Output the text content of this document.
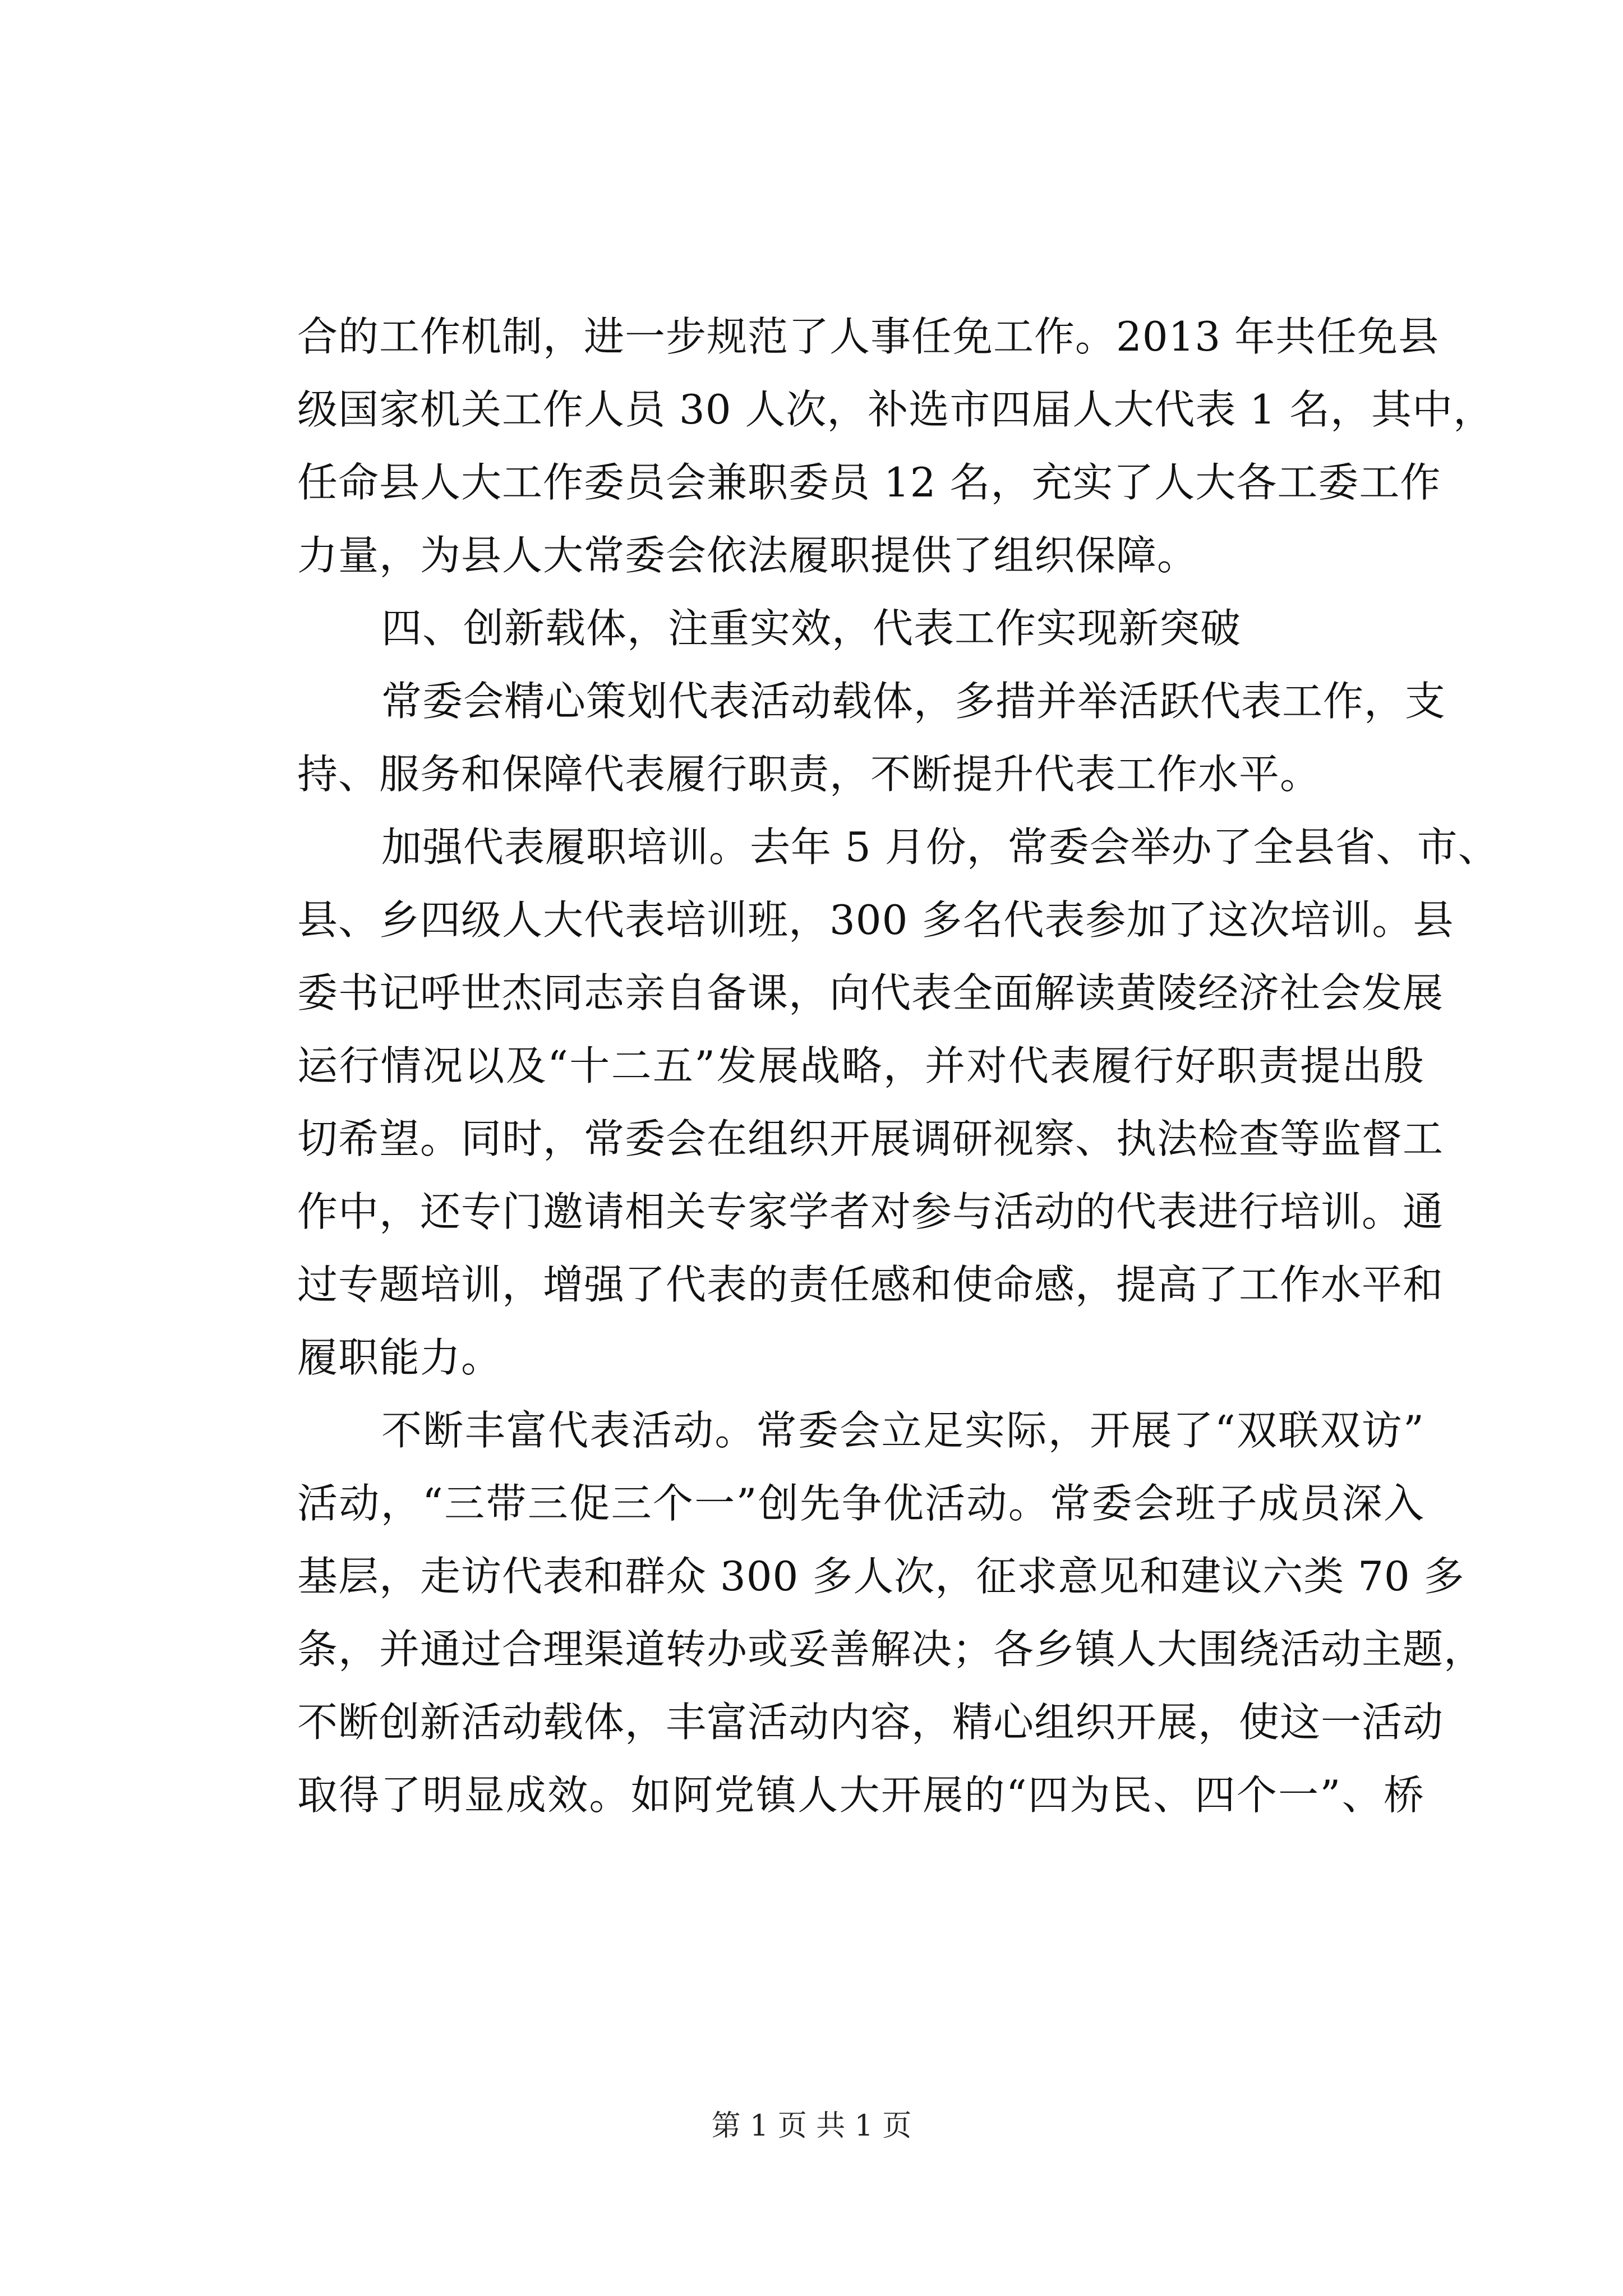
合的工作机制，进一步规范了人事任免工作。2013 年共任免县
级国家机关工作人员 30 人次，补选市四届人大代表 1 名，其中，
任命县人大工作委员会兼职委员 12 名，充实了人大各工委工作
力量，为县人大常委会依法履职提供了组织保障。
四、创新载体，注重实效，代表工作实现新突破
常委会精心策划代表活动载体，多措并举活跃代表工作，支
持、服务和保障代表履行职责，不断提升代表工作水平。
加强代表履职培训。去年 5 月份，常委会举办了全县省、市、
县、乡四级人大代表培训班，300 多名代表参加了这次培训。县
委书记呼世杰同志亲自备课，向代表全面解读黄陵经济社会发展
运行情况以及“十二五”发展战略，并对代表履行好职责提出殷
切希望。同时，常委会在组织开展调研视察、执法检查等监督工
作中，还专门邀请相关专家学者对参与活动的代表进行培训。通
过专题培训，增强了代表的责任感和使命感，提高了工作水平和
履职能力。
不断丰富代表活动。常委会立足实际，开展了“双联双访”
活动，“三带三促三个一”创先争优活动。常委会班子成员深入
基层，走访代表和群众 300 多人次，征求意见和建议六类 70 多
条，并通过合理渠道转办或妥善解决；各乡镇人大围绕活动主题，
不断创新活动载体，丰富活动内容，精心组织开展，使这一活动
取得了明显成效。如阿党镇人大开展的“四为民、四个一”、桥
第 1 页 共 1 页
